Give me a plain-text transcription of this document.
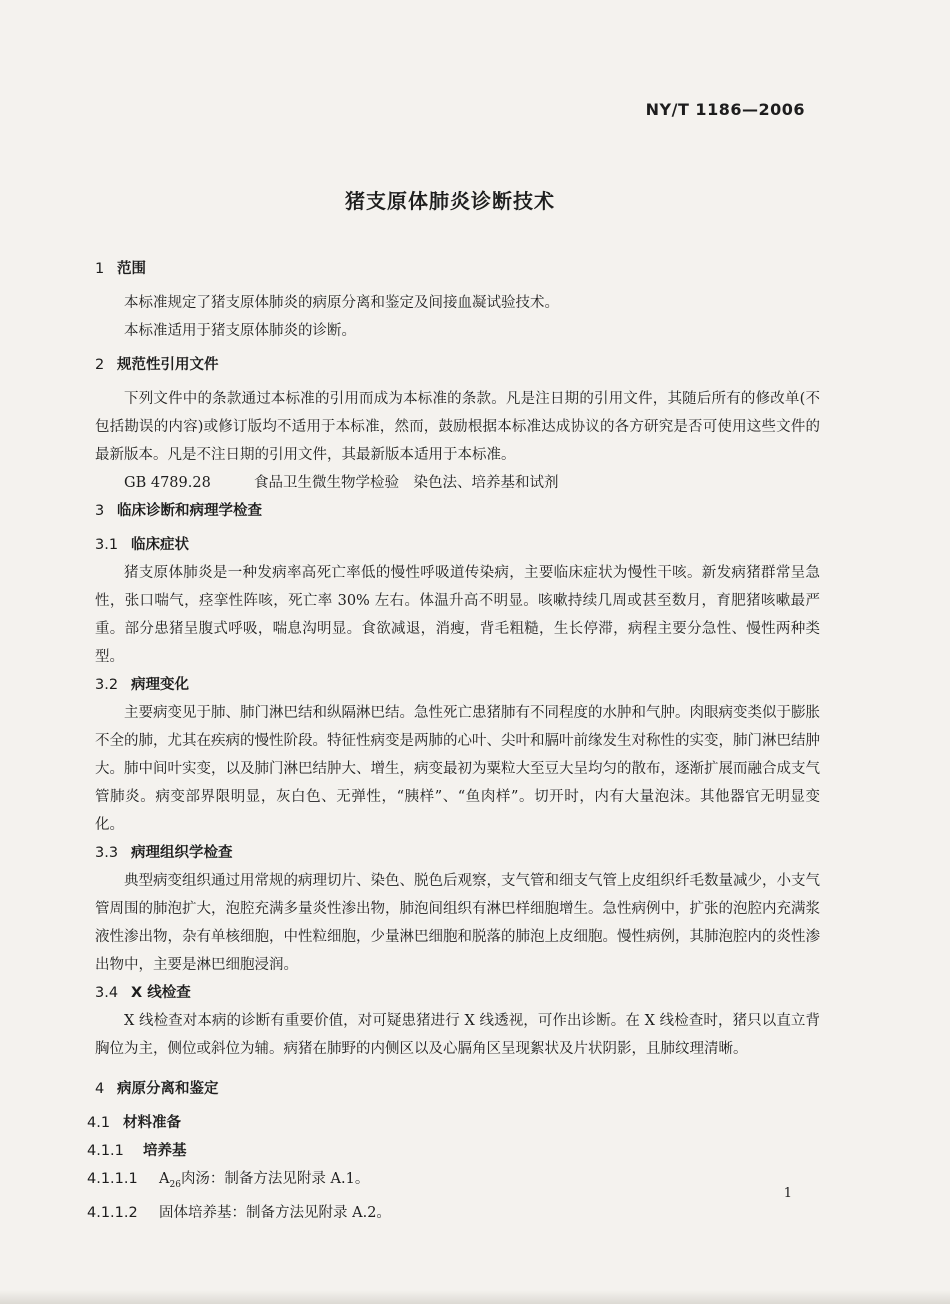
NY/T 1186—2006
猪支原体肺炎诊断技术
1 范围

本标准规定了猪支原体肺炎的病原分离和鉴定及间接血凝试验技术。

本标准适用于猪支原体肺炎的诊断。

2 规范性引用文件

下列文件中的条款通过本标准的引用而成为本标准的条款。凡是注日期的引用文件，其随后所有的修改单(不包括勘误的内容)或修订版均不适用于本标准，然而，鼓励根据本标准达成协议的各方研究是否可使用这些文件的最新版本。凡是不注日期的引用文件，其最新版本适用于本标准。

GB 4789.28	食品卫生微生物学检验　染色法、培养基和试剂

3 临床诊断和病理学检查
3.1 临床症状

猪支原体肺炎是一种发病率高死亡率低的慢性呼吸道传染病，主要临床症状为慢性干咳。新发病猪群常呈急性，张口喘气，痉挛性阵咳，死亡率 30% 左右。体温升高不明显。咳嗽持续几周或甚至数月，育肥猪咳嗽最严重。部分患猪呈腹式呼吸，喘息沟明显。食欲减退，消瘦，背毛粗糙，生长停滞，病程主要分急性、慢性两种类型。

3.2 病理变化

主要病变见于肺、肺门淋巴结和纵隔淋巴结。急性死亡患猪肺有不同程度的水肿和气肿。肉眼病变类似于膨胀不全的肺，尤其在疾病的慢性阶段。特征性病变是两肺的心叶、尖叶和膈叶前缘发生对称性的实变，肺门淋巴结肿大。肺中间叶实变，以及肺门淋巴结肿大、增生，病变最初为粟粒大至豆大呈均匀的散布，逐渐扩展而融合成支气管肺炎。病变部界限明显，灰白色、无弹性，“胰样”、“鱼肉样”。切开时，内有大量泡沫。其他器官无明显变化。

3.3 病理组织学检查

典型病变组织通过用常规的病理切片、染色、脱色后观察，支气管和细支气管上皮组织纤毛数量减少，小支气管周围的肺泡扩大，泡腔充满多量炎性渗出物，肺泡间组织有淋巴样细胞增生。急性病例中，扩张的泡腔内充满浆液性渗出物，杂有单核细胞，中性粒细胞，少量淋巴细胞和脱落的肺泡上皮细胞。慢性病例，其肺泡腔内的炎性渗出物中，主要是淋巴细胞浸润。

3.4 X 线检查

X 线检查对本病的诊断有重要价值，对可疑患猪进行 X 线透视，可作出诊断。在 X 线检查时，猪只以直立背胸位为主，侧位或斜位为辅。病猪在肺野的内侧区以及心膈角区呈现絮状及片状阴影，且肺纹理清晰。

4 病原分离和鉴定
4.1 材料准备
4.1.1 培养基
4.1.1.1 $A_{26}$肉汤：制备方法见附录 A.1。
4.1.1.2 固体培养基：制备方法见附录 A.2。
1
